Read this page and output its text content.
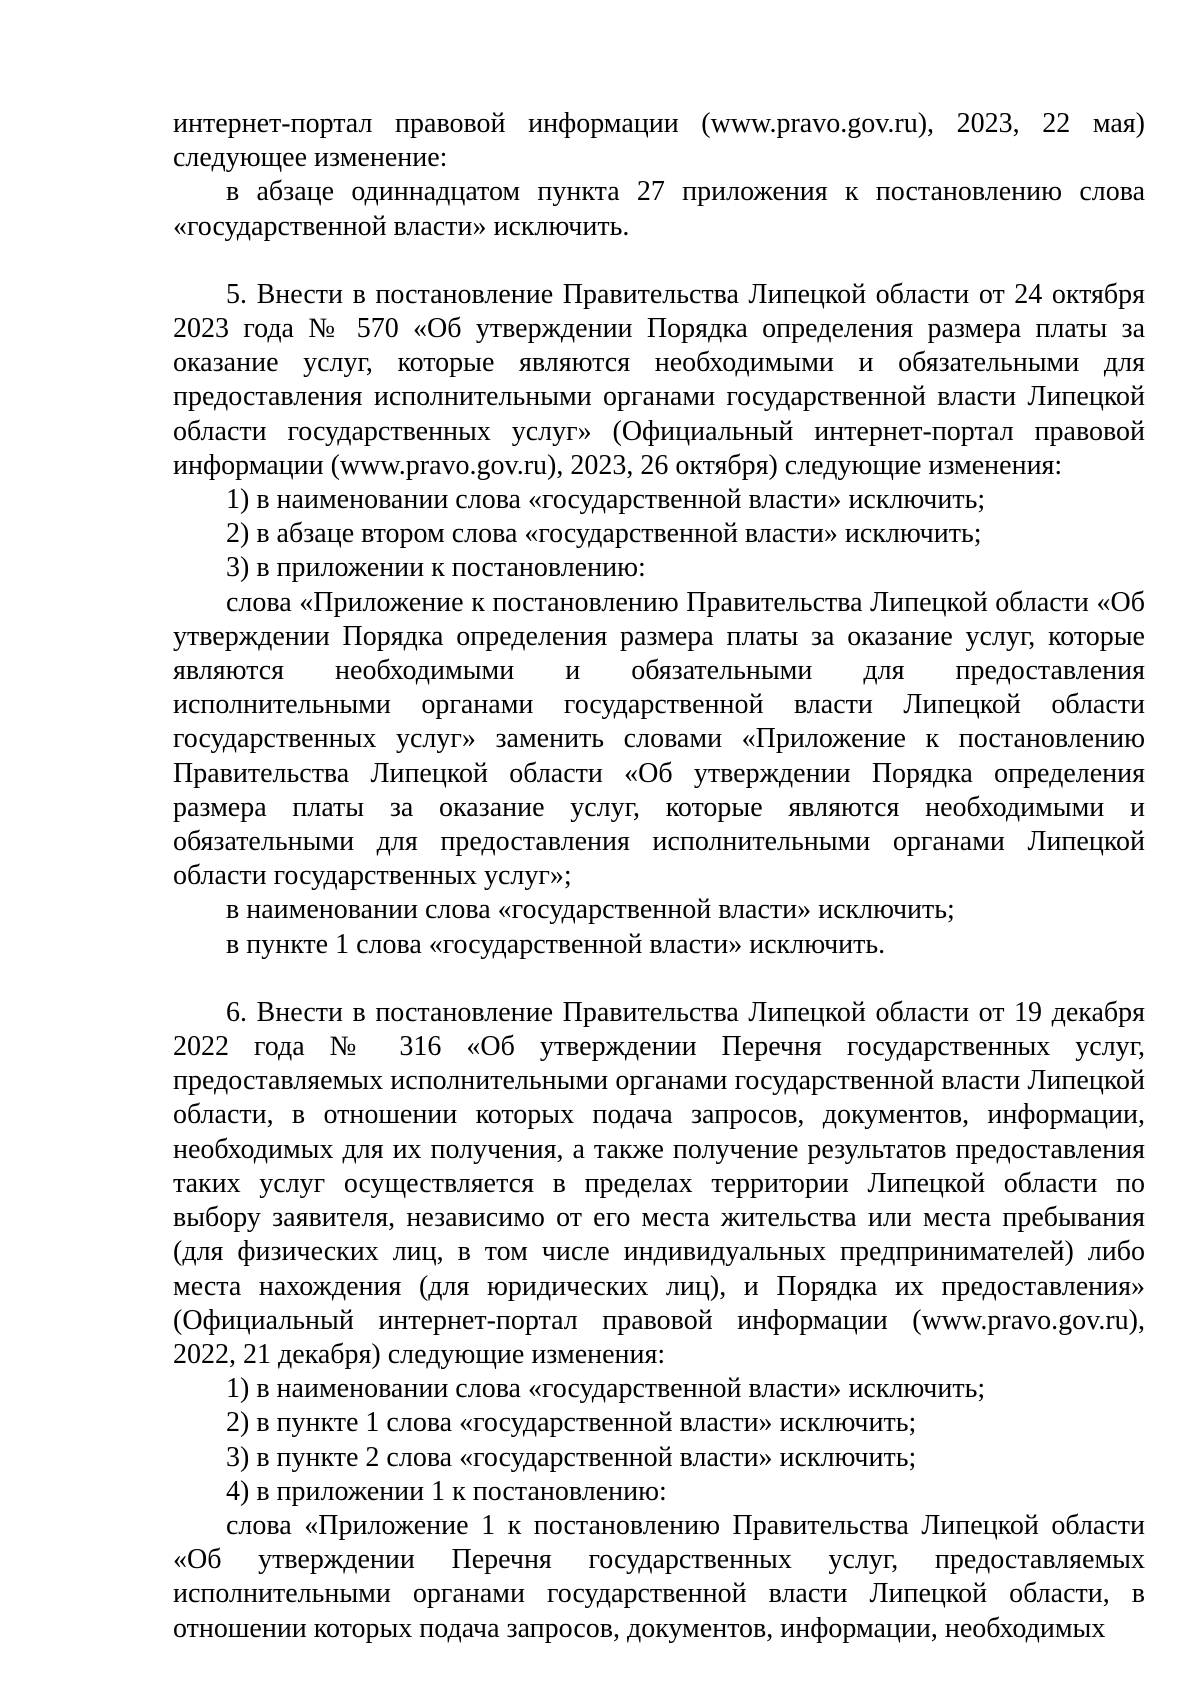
интернет-портал правовой информации (www.pravo.gov.ru), 2023, 22 мая) следующее изменение:

в абзаце одиннадцатом пункта 27 приложения к постановлению слова «государственной власти» исключить.

5. Внести в постановление Правительства Липецкой области от 24 октября 2023 года № 570 «Об утверждении Порядка определения размера платы за оказание услуг, которые являются необходимыми и обязательными для предоставления исполнительными органами государственной власти Липецкой области государственных услуг» (Официальный интернет-портал правовой информации (www.pravo.gov.ru), 2023, 26 октября) следующие изменения:

1) в наименовании слова «государственной власти» исключить;

2) в абзаце втором слова «государственной власти» исключить;

3) в приложении к постановлению:

слова «Приложение к постановлению Правительства Липецкой области «Об утверждении Порядка определения размера платы за оказание услуг, которые являются необходимыми и обязательными для предоставления исполнительными органами государственной власти Липецкой области государственных услуг» заменить словами «Приложение к постановлению Правительства Липецкой области «Об утверждении Порядка определения размера платы за оказание услуг, которые являются необходимыми и обязательными для предоставления исполнительными органами Липецкой области государственных услуг»;

в наименовании слова «государственной власти» исключить;

в пункте 1 слова «государственной власти» исключить.

6. Внести в постановление Правительства Липецкой области от 19 декабря 2022 года № 316 «Об утверждении Перечня государственных услуг, предоставляемых исполнительными органами государственной власти Липецкой области, в отношении которых подача запросов, документов, информации, необходимых для их получения, а также получение результатов предоставления таких услуг осуществляется в пределах территории Липецкой области по выбору заявителя, независимо от его места жительства или места пребывания (для физических лиц, в том числе индивидуальных предпринимателей) либо места нахождения (для юридических лиц), и Порядка их предоставления» (Официальный интернет-портал правовой информации (www.pravo.gov.ru), 2022, 21 декабря) следующие изменения:

1) в наименовании слова «государственной власти» исключить;

2) в пункте 1 слова «государственной власти» исключить;

3) в пункте 2 слова «государственной власти» исключить;

4) в приложении 1 к постановлению:

слова «Приложение 1 к постановлению Правительства Липецкой области «Об утверждении Перечня государственных услуг, предоставляемых исполнительными органами государственной власти Липецкой области, в отношении которых подача запросов, документов, информации, необходимых
